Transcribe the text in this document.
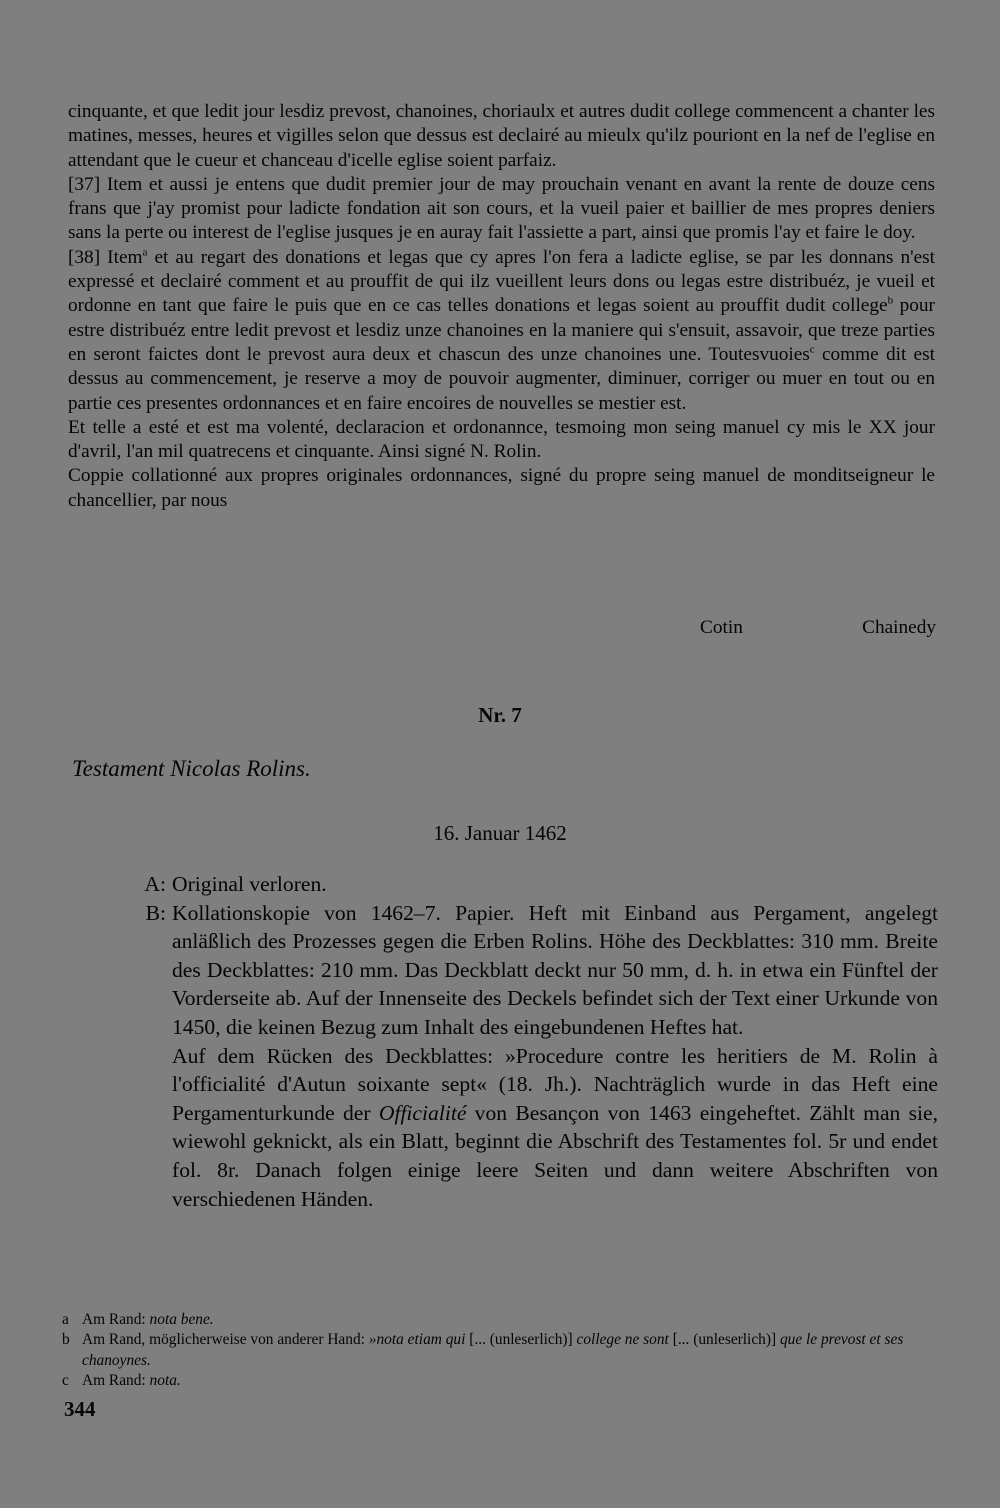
cinquante, et que ledit jour lesdiz prevost, chanoines, choriaulx et autres dudit college commencent a chanter les matines, messes, heures et vigilles selon que dessus est declairé au mieulx qu'ilz pouriont en la nef de l'eglise en attendant que le cueur et chanceau d'icelle eglise soient parfaiz.

[37] Item et aussi je entens que dudit premier jour de may prouchain venant en avant la rente de douze cens frans que j'ay promist pour ladicte fondation ait son cours, et la vueil paier et baillier de mes propres deniers sans la perte ou interest de l'eglise jusques je en auray fait l'assiette a part, ainsi que promis l'ay et faire le doy.

[38] Item$^a$ et au regart des donations et legas que cy apres l'on fera a ladicte eglise, se par les donnans n'est expressé et declairé comment et au prouffit de qui ilz vueillent leurs dons ou legas estre distribuéz, je vueil et ordonne en tant que faire le puis que en ce cas telles donations et legas soient au prouffit dudit college$^b$ pour estre distribuéz entre ledit prevost et lesdiz unze chanoines en la maniere qui s'ensuit, assavoir, que treze parties en seront faictes dont le prevost aura deux et chascun des unze chanoines une. Toutesvuoies$^c$ comme dit est dessus au commencement, je reserve a moy de pouvoir augmenter, diminuer, corriger ou muer en tout ou en partie ces presentes ordonnances et en faire encoires de nouvelles se mestier est.

Et telle a esté et est ma volenté, declaracion et ordonannce, tesmoing mon seing manuel cy mis le XX jour d'avril, l'an mil quatrecens et cinquante. Ainsi signé N. Rolin.

Coppie collationné aux propres originales ordonnances, signé du propre seing manuel de monditseigneur le chancellier, par nous

Cotin	Chainedy
Nr. 7
Testament Nicolas Rolins.
16. Januar 1462
A: Original verloren.

B: Kollationskopie von 1462–7. Papier. Heft mit Einband aus Pergament, angelegt anläßlich des Prozesses gegen die Erben Rolins. Höhe des Deckblattes: 310 mm. Breite des Deckblattes: 210 mm. Das Deckblatt deckt nur 50 mm, d. h. in etwa ein Fünftel der Vorderseite ab. Auf der Innenseite des Deckels befindet sich der Text einer Urkunde von 1450, die keinen Bezug zum Inhalt des eingebundenen Heftes hat.

Auf dem Rücken des Deckblattes: »Procedure contre les heritiers de M. Rolin à l'officialité d'Autun soixante sept« (18. Jh.). Nachträglich wurde in das Heft eine Pergamenturkunde der Officialité von Besançon von 1463 eingeheftet. Zählt man sie, wiewohl geknickt, als ein Blatt, beginnt die Abschrift des Testamentes fol. 5r und endet fol. 8r. Danach folgen einige leere Seiten und dann weitere Abschriften von verschiedenen Händen.

a Am Rand: nota bene.
b Am Rand, möglicherweise von anderer Hand: »nota etiam qui [... (unleserlich)] college ne sont [... (unleserlich)] que le prevost et ses chanoynes.
c Am Rand: nota.
344
